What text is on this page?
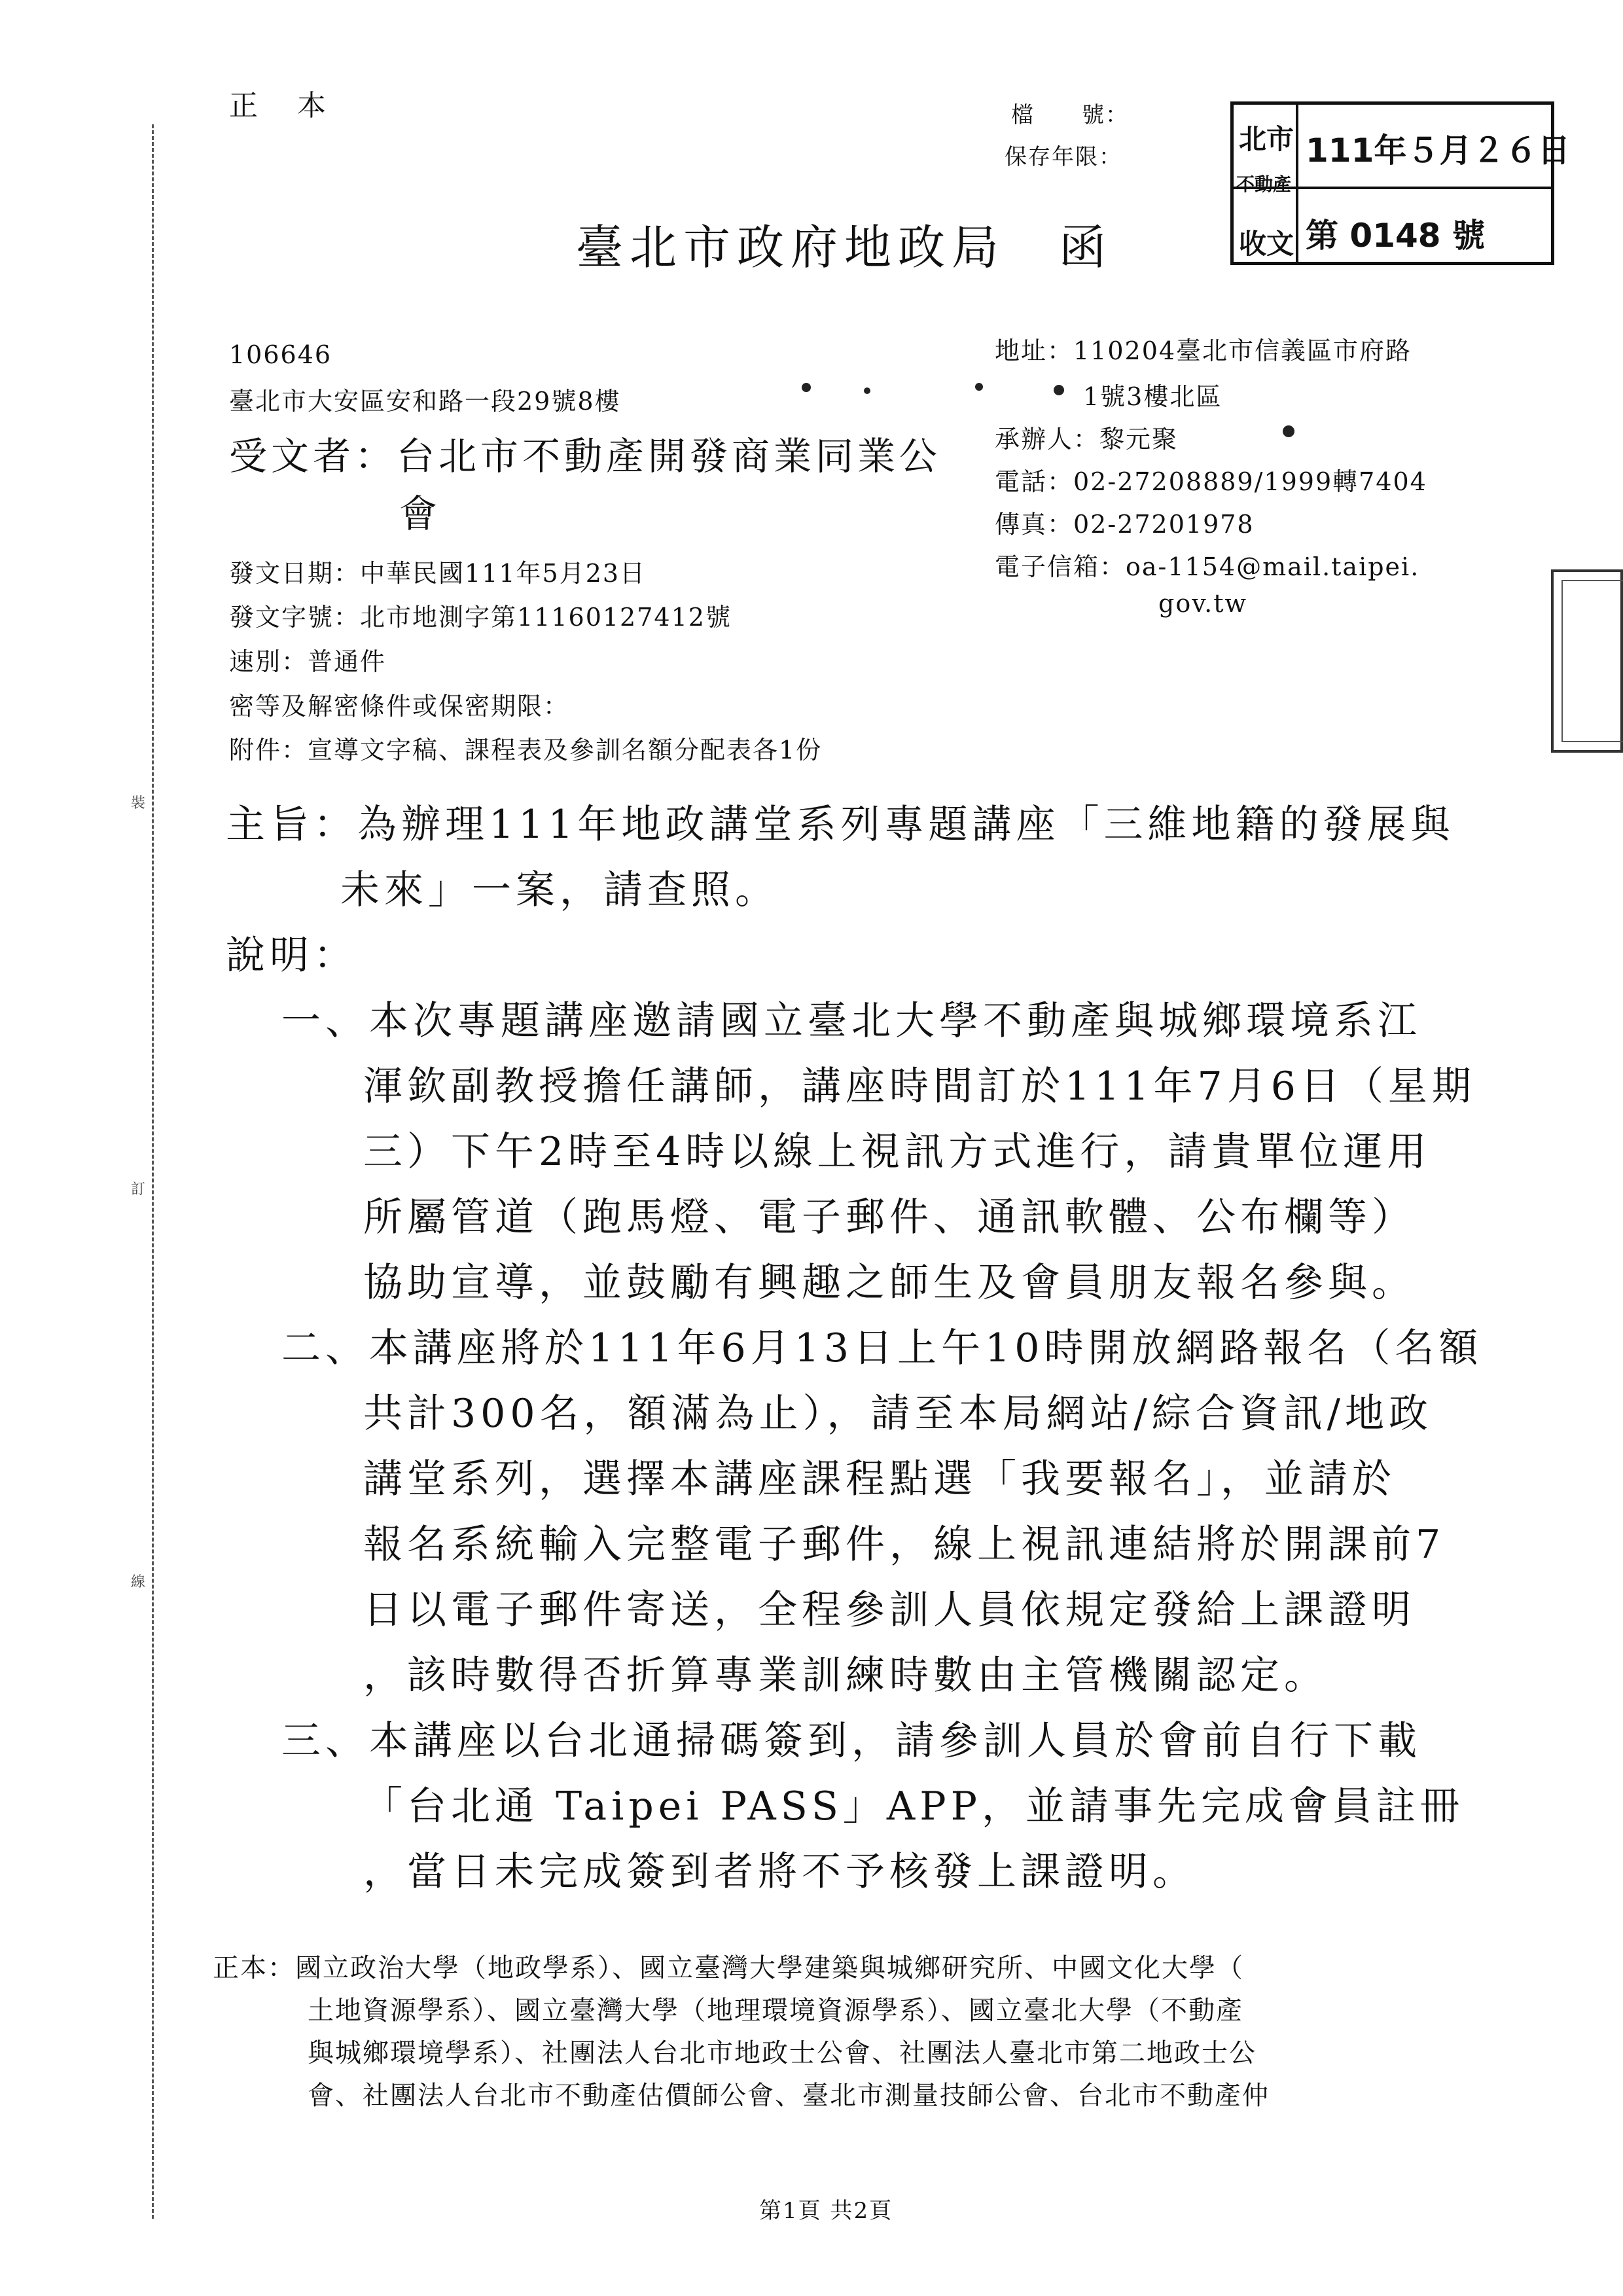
裝
訂
線
正　本	檔　　號：
保存年限：
臺北市政府地政局　函
北市
不動產
收文
111年５月２６日
第 0148 號
106646
臺北市大安區安和路一段29號8樓
受文者：台北市不動產開發商業同業公
會
地址：110204臺北市信義區市府路
1號3樓北區
承辦人：黎元聚
電話：02-27208889/1999轉7404
傳真：02-27201978
電子信箱：oa-1154@mail.taipei.
gov.tw
發文日期：中華民國111年5月23日
發文字號：北市地測字第11160127412號
速別：普通件
密等及解密條件或保密期限：
附件：宣導文字稿、課程表及參訓名額分配表各1份
主旨：為辦理111年地政講堂系列專題講座「三維地籍的發展與
未來」一案，請查照。
說明：
一、本次專題講座邀請國立臺北大學不動產與城鄉環境系江
渾欽副教授擔任講師，講座時間訂於111年7月6日（星期
三）下午2時至4時以線上視訊方式進行，請貴單位運用
所屬管道（跑馬燈、電子郵件、通訊軟體、公布欄等）
協助宣導，並鼓勵有興趣之師生及會員朋友報名參與。
二、本講座將於111年6月13日上午10時開放網路報名（名額
共計300名，額滿為止），請至本局網站/綜合資訊/地政
講堂系列，選擇本講座課程點選「我要報名」，並請於
報名系統輸入完整電子郵件，線上視訊連結將於開課前7
日以電子郵件寄送，全程參訓人員依規定發給上課證明
，該時數得否折算專業訓練時數由主管機關認定。
三、本講座以台北通掃碼簽到，請參訓人員於會前自行下載
「台北通 Taipei PASS」APP，並請事先完成會員註冊
，當日未完成簽到者將不予核發上課證明。
正本：國立政治大學（地政學系）、國立臺灣大學建築與城鄉研究所、中國文化大學（
土地資源學系）、國立臺灣大學（地理環境資源學系）、國立臺北大學（不動產
與城鄉環境學系）、社團法人台北市地政士公會、社團法人臺北市第二地政士公
會、社團法人台北市不動產估價師公會、臺北市測量技師公會、台北市不動產仲
第1頁 共2頁
